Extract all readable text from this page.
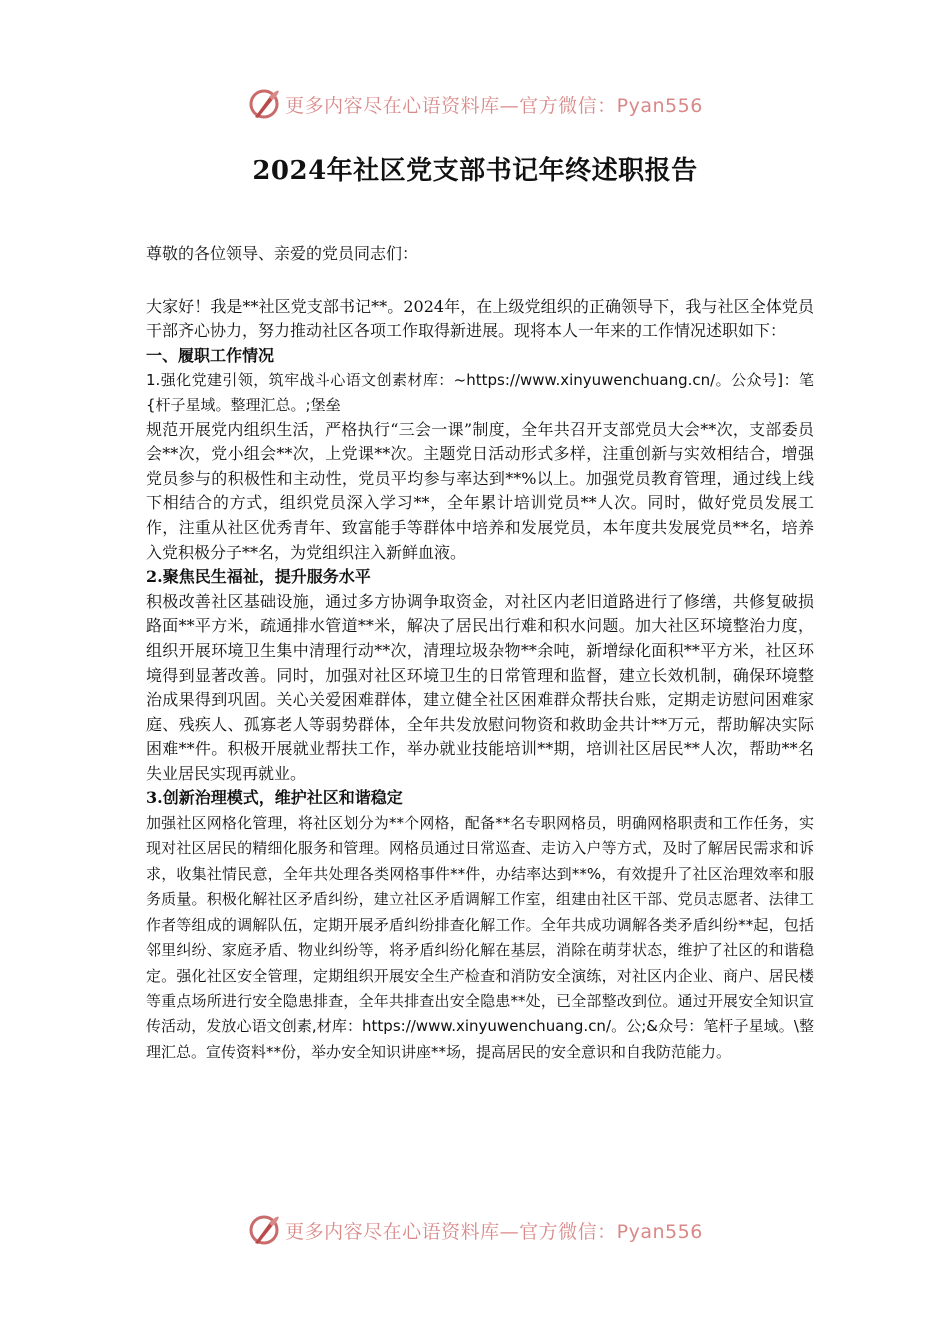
更多内容尽在心语资料库—官方微信：Pyan556
2024年社区党支部书记年终述职报告

尊敬的各位领导、亲爱的党员同志们：

大家好！我是**社区党支部书记**。2024年，在上级党组织的正确领导下，我与社区全体党员干部齐心协力，努力推动社区各项工作取得新进展。现将本人一年来的工作情况述职如下：

一、履职工作情况

1.强化党建引领，筑牢战斗心语文创素材库：~https://www.xinyuwenchuang.cn/。公众号]：笔{杆子星域。整理汇总。;堡垒

规范开展党内组织生活，严格执行“三会一课”制度，全年共召开支部党员大会**次，支部委员会**次，党小组会**次，上党课**次。主题党日活动形式多样，注重创新与实效相结合，增强党员参与的积极性和主动性，党员平均参与率达到**%以上。加强党员教育管理，通过线上线下相结合的方式，组织党员深入学习**，全年累计培训党员**人次。同时，做好党员发展工作，注重从社区优秀青年、致富能手等群体中培养和发展党员，本年度共发展党员**名，培养入党积极分子**名，为党组织注入新鲜血液。

2.聚焦民生福祉，提升服务水平

积极改善社区基础设施，通过多方协调争取资金，对社区内老旧道路进行了修缮，共修复破损路面**平方米，疏通排水管道**米，解决了居民出行难和积水问题。加大社区环境整治力度，组织开展环境卫生集中清理行动**次，清理垃圾杂物**余吨，新增绿化面积**平方米，社区环境得到显著改善。同时，加强对社区环境卫生的日常管理和监督，建立长效机制，确保环境整治成果得到巩固。关心关爱困难群体，建立健全社区困难群众帮扶台账，定期走访慰问困难家庭、残疾人、孤寡老人等弱势群体，全年共发放慰问物资和救助金共计**万元，帮助解决实际困难**件。积极开展就业帮扶工作，举办就业技能培训**期，培训社区居民**人次，帮助**名失业居民实现再就业。

3.创新治理模式，维护社区和谐稳定

加强社区网格化管理，将社区划分为**个网格，配备**名专职网格员，明确网格职责和工作任务，实现对社区居民的精细化服务和管理。网格员通过日常巡查、走访入户等方式，及时了解居民需求和诉求，收集社情民意，全年共处理各类网格事件**件，办结率达到**%，有效提升了社区治理效率和服务质量。积极化解社区矛盾纠纷，建立社区矛盾调解工作室，组建由社区干部、党员志愿者、法律工作者等组成的调解队伍，定期开展矛盾纠纷排查化解工作。全年共成功调解各类矛盾纠纷**起，包括邻里纠纷、家庭矛盾、物业纠纷等，将矛盾纠纷化解在基层，消除在萌芽状态，维护了社区的和谐稳定。强化社区安全管理，定期组织开展安全生产检查和消防安全演练，对社区内企业、商户、居民楼等重点场所进行安全隐患排查，全年共排查出安全隐患**处，已全部整改到位。通过开展安全知识宣传活动，发放心语文创素,材库：https://www.xinyuwenchuang.cn/。公;&众号：笔杆子星域。\整理汇总。宣传资料**份，举办安全知识讲座**场，提高居民的安全意识和自我防范能力。

更多内容尽在心语资料库—官方微信：Pyan556
